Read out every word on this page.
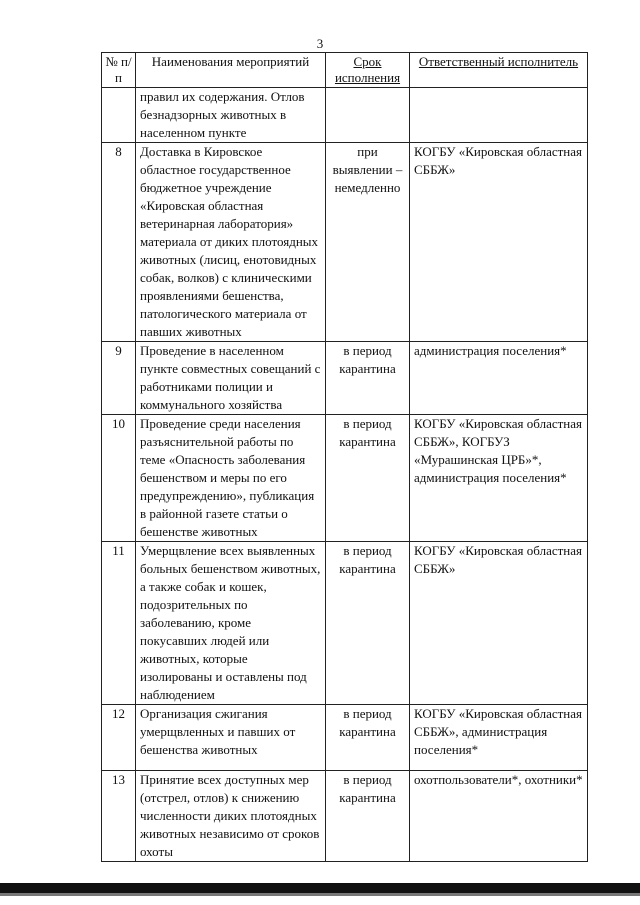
3
№ п/п	Наименования мероприятий	Срок исполнения	Ответственный исполнитель
	правил их содержания. Отлов безнадзорных животных в населенном пункте		
8	Доставка в Кировское областное государственное бюджетное учреждение «Кировская областная ветеринарная лаборатория» материала от диких плотоядных животных (лисиц, енотовидных собак, волков) с клиническими проявлениями бешенства, патологического материала от павших животных	при выявлении – немедленно	КОГБУ «Кировская областная СББЖ»
9	Проведение в населенном пункте совместных совещаний с работниками полиции и коммунального хозяйства	в период карантина	администрация поселения*
10	Проведение среди населения разъяснительной работы по теме «Опасность заболевания бешенством и меры по его предупреждению», публикация в районной газете статьи о бешенстве животных	в период карантина	КОГБУ «Кировская областная СББЖ», КОГБУЗ «Мурашинская ЦРБ»*, администрация поселения*
11	Умерщвление всех выявленных больных бешенством животных, а также собак и кошек, подозрительных по заболеванию, кроме покусавших людей или животных, которые изолированы и оставлены под наблюдением	в период карантина	КОГБУ «Кировская областная СББЖ»
12	Организация сжигания умерщвленных и павших от бешенства животных	в период карантина	КОГБУ «Кировская областная СББЖ», администрация поселения*
13	Принятие всех доступных мер (отстрел, отлов) к снижению численности диких плотоядных животных независимо от сроков охоты	в период карантина	охотпользователи*, охотники*
